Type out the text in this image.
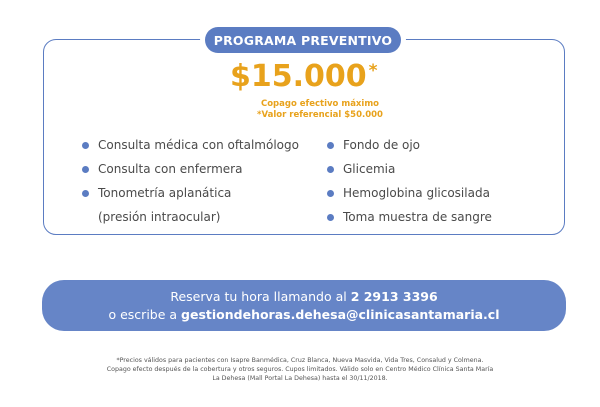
PROGRAMA PREVENTIVO
$15.000 *
Copago efectivo máximo
*Valor referencial $50.000
Consulta médica con oftalmólogo
Consulta con enfermera
Tonometría aplanática
(presión intraocular)
Fondo de ojo
Glicemia
Hemoglobina glicosilada
Toma muestra de sangre
Reserva tu hora llamando al 2 2913 3396
o escribe a gestiondehoras.dehesa@clinicasantamaria.cl
*Precios válidos para pacientes con Isapre Banmédica, Cruz Blanca, Nueva Masvida, Vida Tres, Consalud y Colmena.
Copago efecto después de la cobertura y otros seguros. Cupos limitados. Válido solo en Centro Médico Clínica Santa María
La Dehesa (Mall Portal La Dehesa) hasta el 30/11/2018.
